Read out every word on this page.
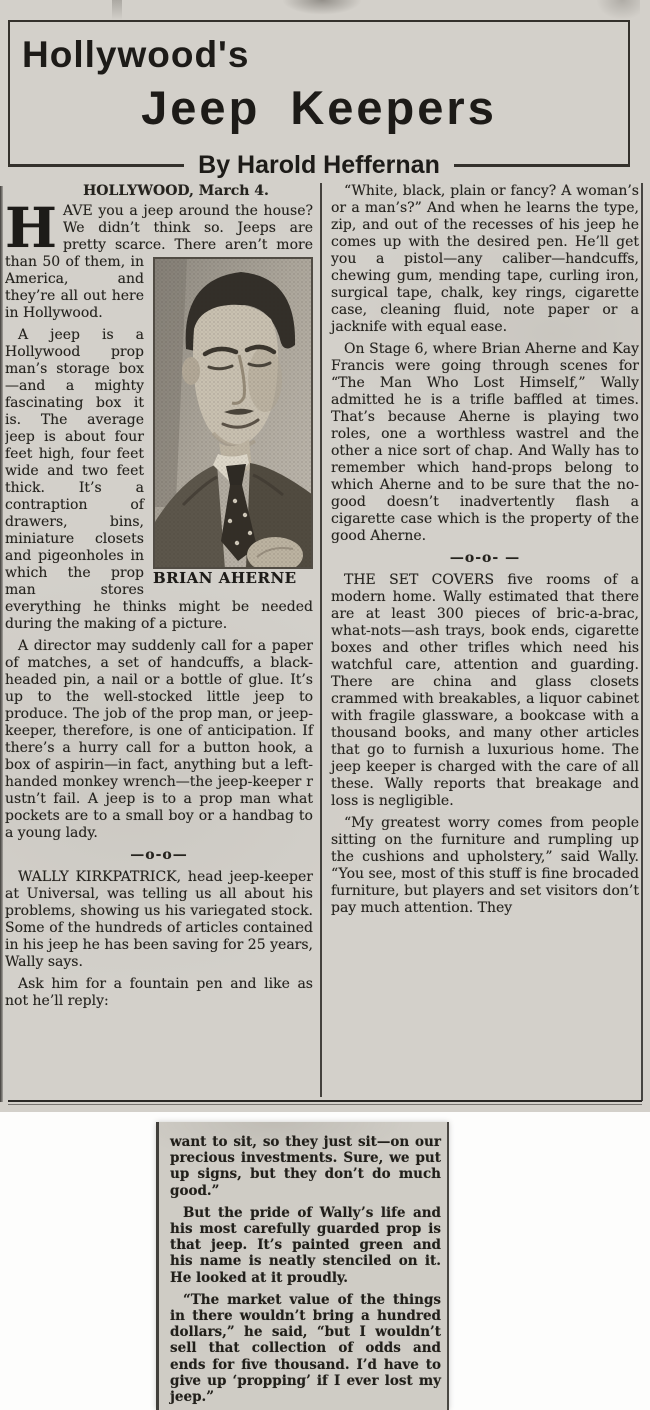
Hollywood's
Jeep Keepers
By Harold Heffernan

HOLLYWOOD, March 4.

HAVE you a jeep around the house? We didn’t think so. Jeeps are pretty scarce. There
BRIAN AHERNE
aren’t more than 50 of them, in America, and they’re all out here in Hollywood.

A jeep is a Hollywood prop man’s storage box —and a mighty fascinating box it is. The average jeep is about four feet high, four feet wide and two feet thick. It’s a contraption of drawers, bins, miniature closets and pigeonholes in which the prop man stores everything he thinks might be needed during the making of a picture.

A director may suddenly call for a paper of matches, a set of handcuffs, a black-headed pin, a nail or a bottle of glue. It’s up to the well-stocked little jeep to produce. The job of the prop man, or jeep-keeper, therefore, is one of anticipation. If there’s a hurry call for a button hook, a box of aspirin—in fact, anything but a left-handed monkey wrench—the jeep-keeper r ustn’t fail. A jeep is to a prop man what pockets are to a small boy or a handbag to a young lady.

—o-o—

WALLY KIRKPATRICK, head jeep-keeper at Universal, was telling us all about his problems, showing us his variegated stock. Some of the hundreds of articles contained in his jeep he has been saving for 25 years, Wally says.

Ask him for a fountain pen and like as not he’ll reply:

“White, black, plain or fancy? A woman’s or a man’s?” And when he learns the type, zip, and out of the recesses of his jeep he comes up with the desired pen. He’ll get you a pistol—any caliber—handcuffs, chewing gum, mending tape, curling iron, surgical tape, chalk, key rings, cigarette case, cleaning fluid, note paper or a jacknife with equal ease.

On Stage 6, where Brian Aherne and Kay Francis were going through scenes for “The Man Who Lost Himself,” Wally admitted he is a trifle baffled at times. That’s because Aherne is playing two roles, one a worthless wastrel and the other a nice sort of chap. And Wally has to remember which hand-props belong to which Aherne and to be sure that the no-good doesn’t inadvertently flash a cigarette case which is the property of the good Aherne.

—o-o- —

THE SET COVERS five rooms of a modern home. Wally estimated that there are at least 300 pieces of bric-a-brac, what-nots—ash trays, book ends, cigarette boxes and other trifles which need his watchful care, attention and guarding. There are china and glass closets crammed with breakables, a liquor cabinet with fragile glassware, a bookcase with a thousand books, and many other articles that go to furnish a luxurious home. The jeep keeper is charged with the care of all these. Wally reports that breakage and loss is negligible.

“My greatest worry comes from people sitting on the furniture and rumpling up the cushions and upholstery,” said Wally. “You see, most of this stuff is fine brocaded furniture, but players and set visitors don’t pay much attention. They

want to sit, so they just sit—on our precious investments. Sure, we put up signs, but they don’t do much good.”

But the pride of Wally’s life and his most carefully guarded prop is that jeep. It’s painted green and his name is neatly stenciled on it. He looked at it proudly.

“The market value of the things in there wouldn’t bring a hundred dollars,” he said, “but I wouldn’t sell that collection of odds and ends for five thousand. I’d have to give up ‘propping’ if I ever lost my jeep.”
